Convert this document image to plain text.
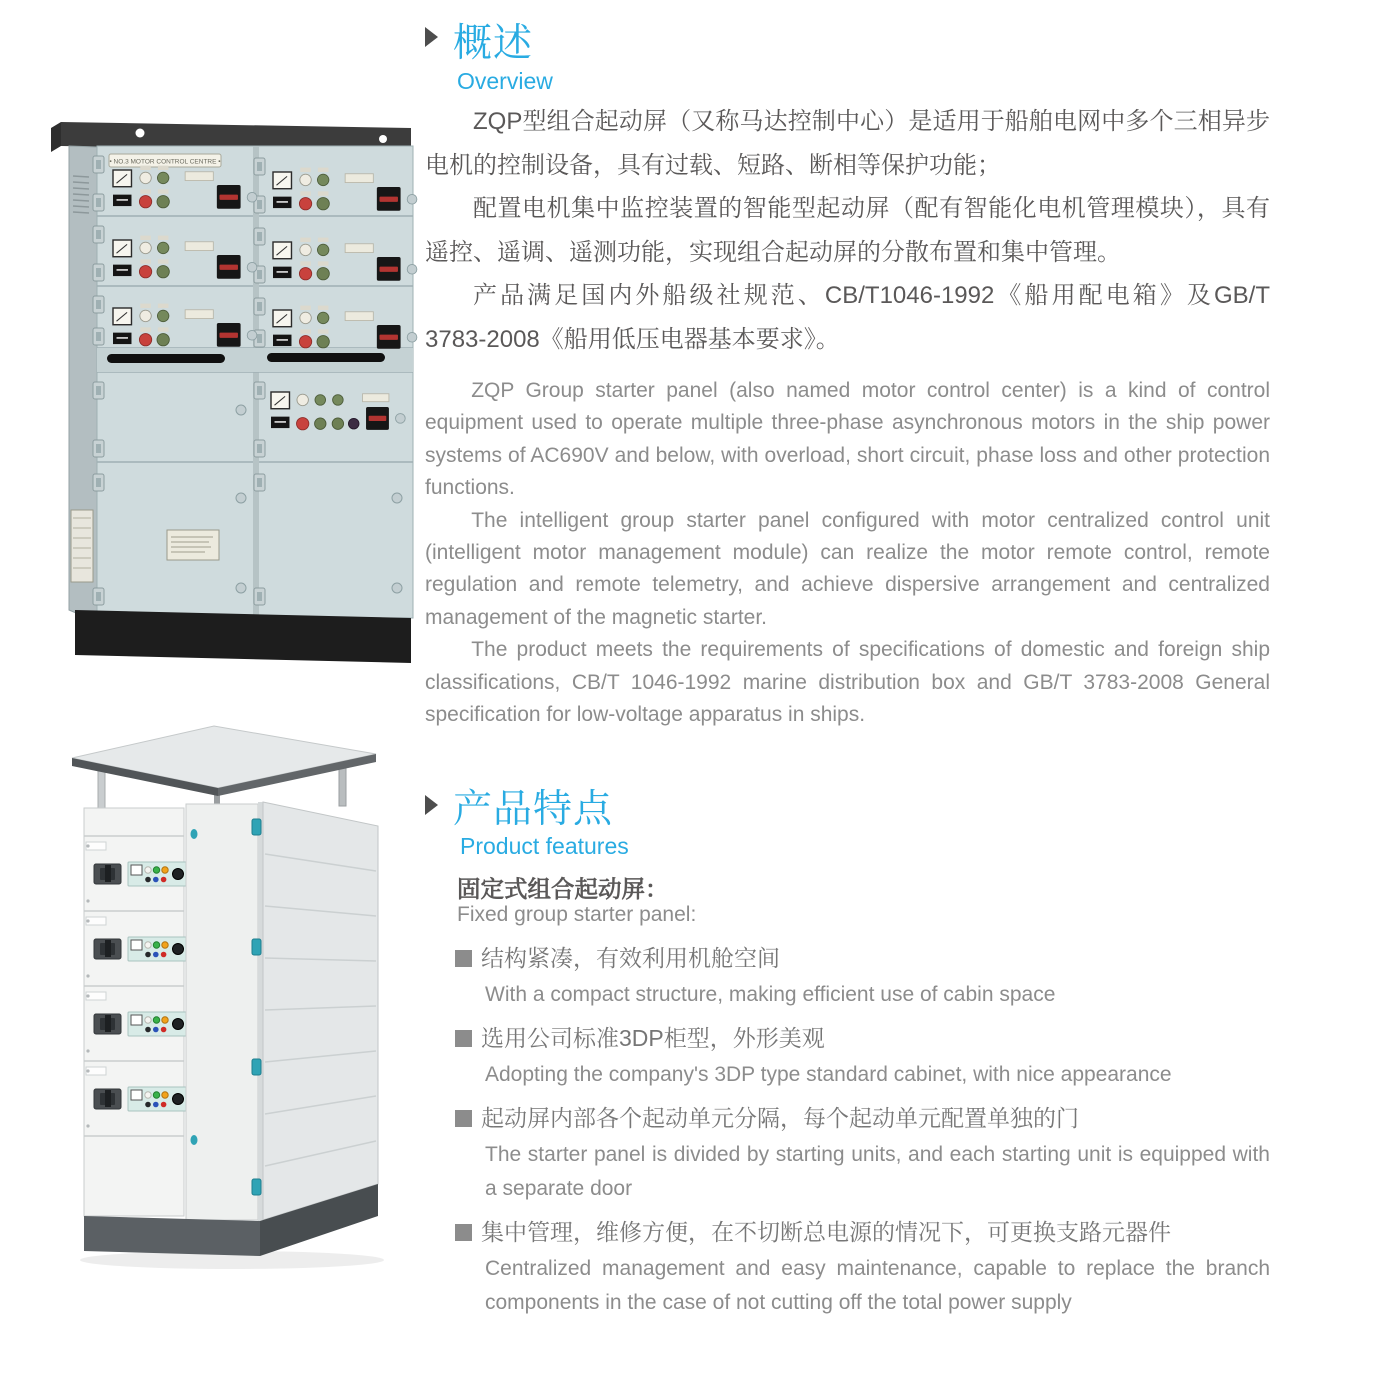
• NO.3 MOTOR CONTROL CENTRE •
概述
Overview

ZQP型组合起动屏（又称马达控制中心）是适用于船舶电网中多个三相异步电机的控制设备，具有过载、短路、断相等保护功能；

配置电机集中监控装置的智能型起动屏（配有智能化电机管理模块），具有遥控、遥调、遥测功能，实现组合起动屏的分散布置和集中管理。

产品满足国内外船级社规范、CB/T1046-1992《船用配电箱》及GB/T 3783-2008《船用低压电器基本要求》。

ZQP Group starter panel (also named motor control center) is a kind of control equipment used to operate multiple three-phase asynchronous motors in the ship power systems of AC690V and below, with overload, short circuit, phase loss and other protection functions.

The intelligent group starter panel configured with motor centralized control unit (intelligent motor management module) can realize the motor remote control, remote regulation and remote telemetry, and achieve dispersive arrangement and centralized management of the magnetic starter.

The product meets the requirements of specifications of domestic and foreign ship classifications, CB/T 1046-1992 marine distribution box and GB/T 3783-2008 General specification for low-voltage apparatus in ships.

产品特点
Product features
固定式组合起动屏：
Fixed group starter panel:
结构紧凑，有效利用机舱空间

With a compact structure, making efficient use of cabin space

选用公司标准3DP柜型，外形美观

Adopting the company's 3DP type standard cabinet, with nice appearance

起动屏内部各个起动单元分隔，每个起动单元配置单独的门

The starter panel is divided by starting units, and each starting unit is equipped with a separate door

集中管理，维修方便，在不切断总电源的情况下，可更换支路元器件

Centralized management and easy maintenance, capable to replace the branch components in the case of not cutting off the total power supply
